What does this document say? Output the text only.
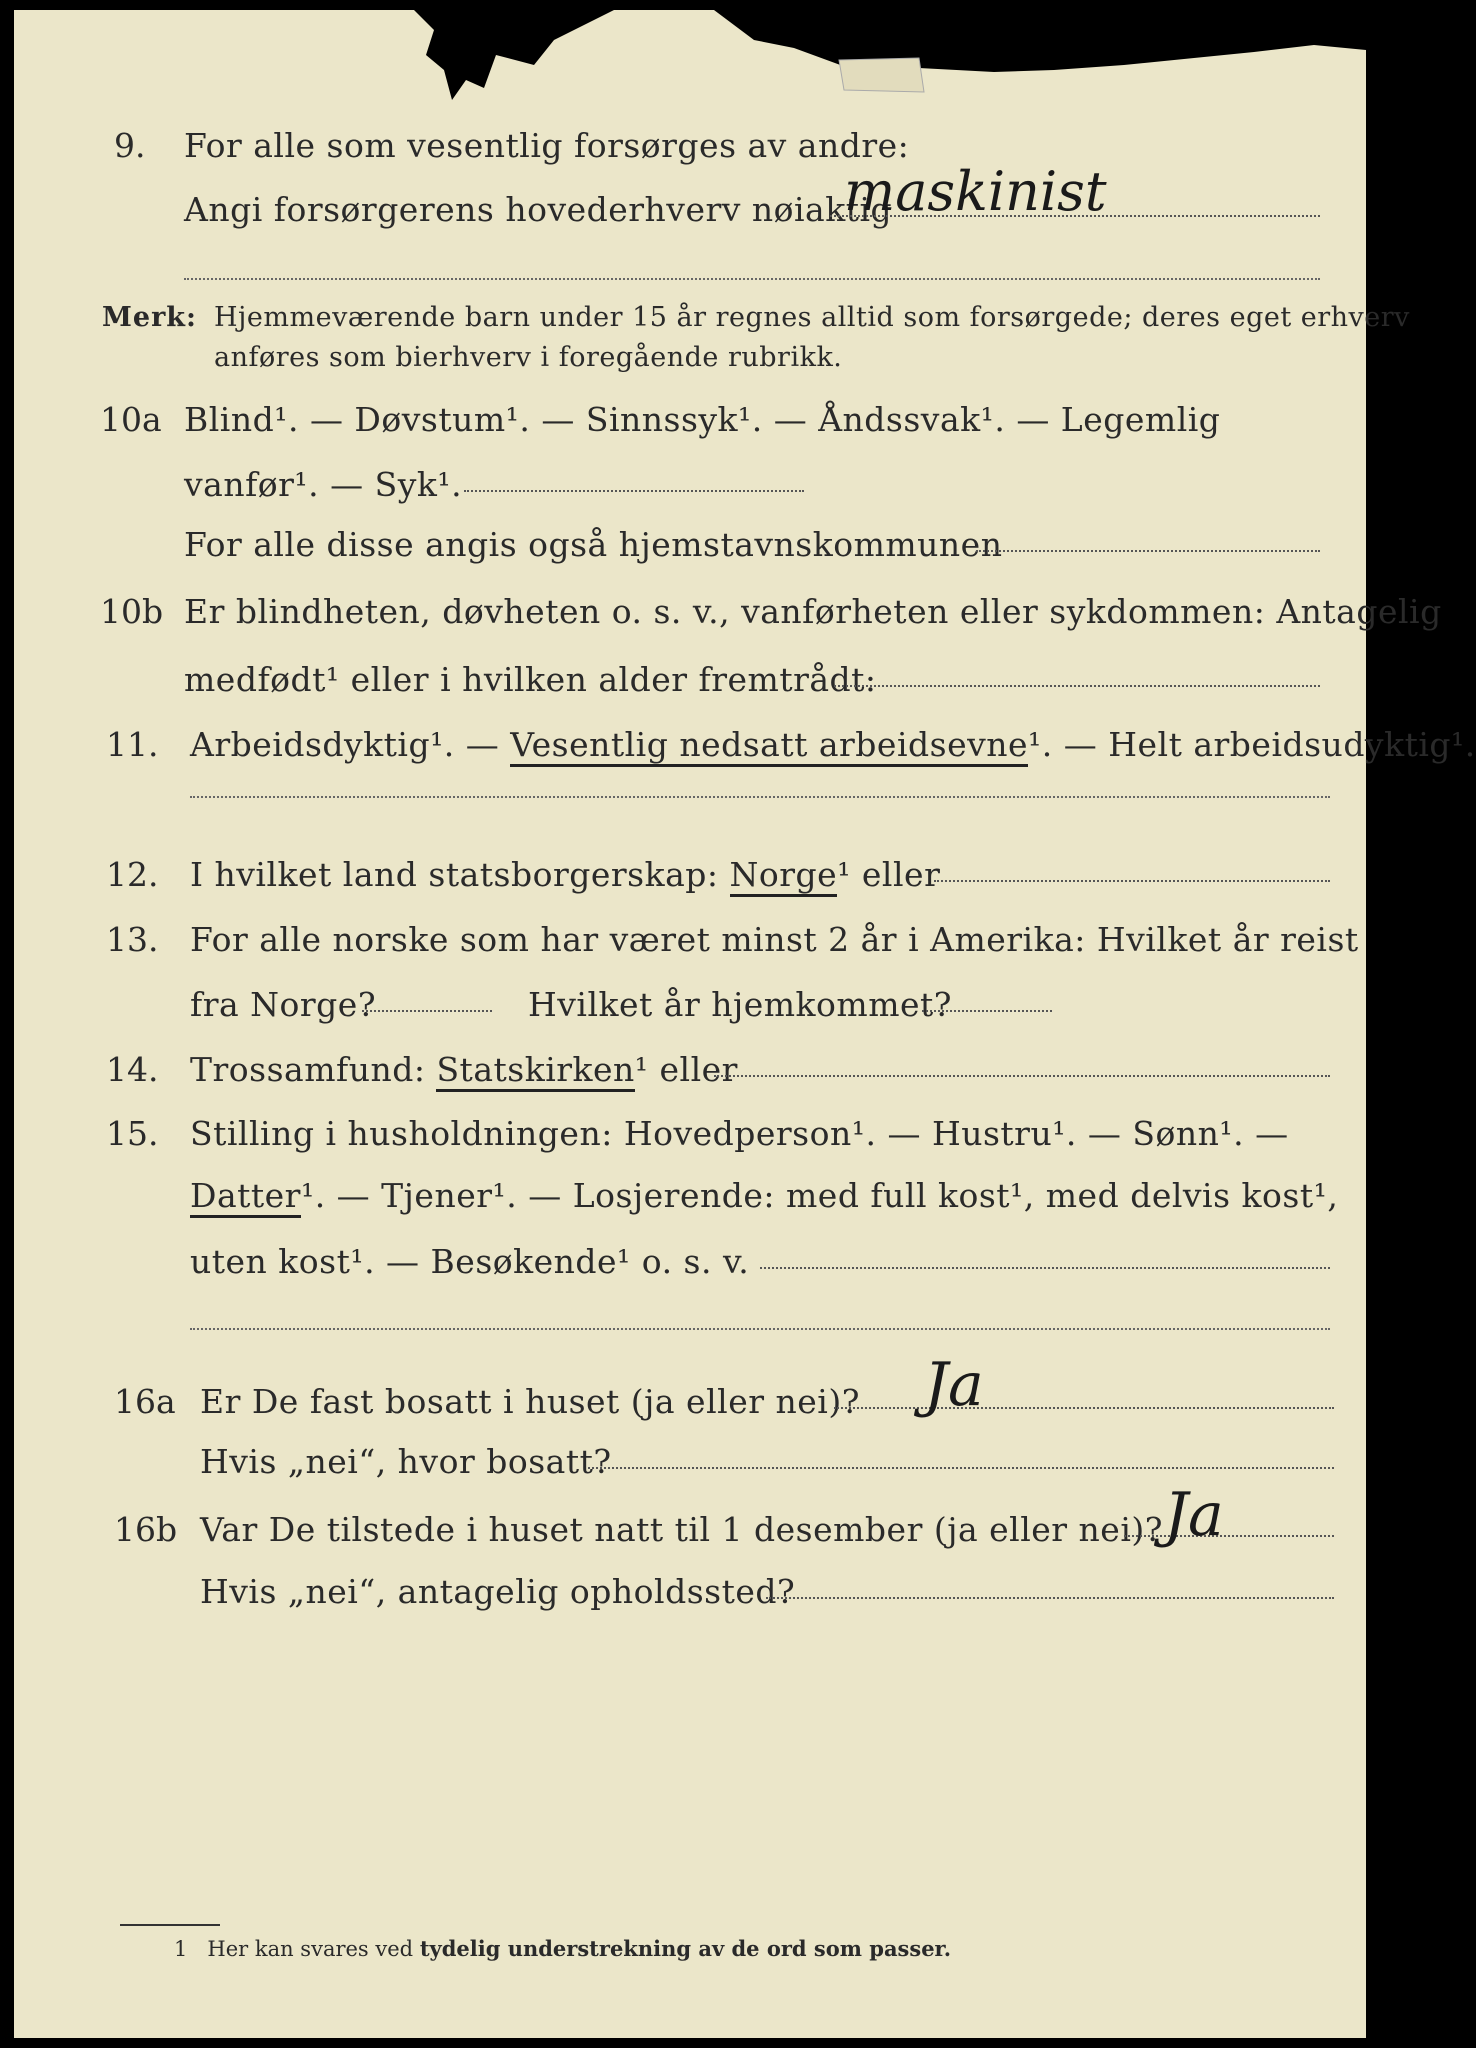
9. For alle som vesentlig forsørges av andre:
Angi forsørgerens hovederhverv nøiaktig
maskinist
Merk: Hjemmeværende barn under 15 år regnes alltid som forsørgede; deres eget erhverv
anføres som bierhverv i foregående rubrikk.
10a Blind¹. — Døvstum¹. — Sinnssyk¹. — Åndssvak¹. — Legemlig
vanfør¹. — Syk¹.
For alle disse angis også hjemstavnskommunen
10b Er blindheten, døvheten o. s. v., vanførheten eller sykdommen: Antagelig
medfødt¹ eller i hvilken alder fremtrådt:
11. Arbeidsdyktig¹. — Vesentlig nedsatt arbeidsevne¹. — Helt arbeidsudyktig¹.
12. I hvilket land statsborgerskap: Norge¹ eller
13. For alle norske som har været minst 2 år i Amerika: Hvilket år reist
fra Norge?	Hvilket år hjemkommet?
14. Trossamfund: Statskirken¹ eller
15. Stilling i husholdningen: Hovedperson¹. — Hustru¹. — Sønn¹. —
Datter¹. — Tjener¹. — Losjerende: med full kost¹, med delvis kost¹,
uten kost¹. — Besøkende¹ o. s. v.
16a Er De fast bosatt i huset (ja eller nei)? Ja
Hvis „nei“, hvor bosatt?
16b Var De tilstede i huset natt til 1 desember (ja eller nei)? Ja
Hvis „nei“, antagelig opholdssted?
1 Her kan svares ved tydelig understrekning av de ord som passer.
